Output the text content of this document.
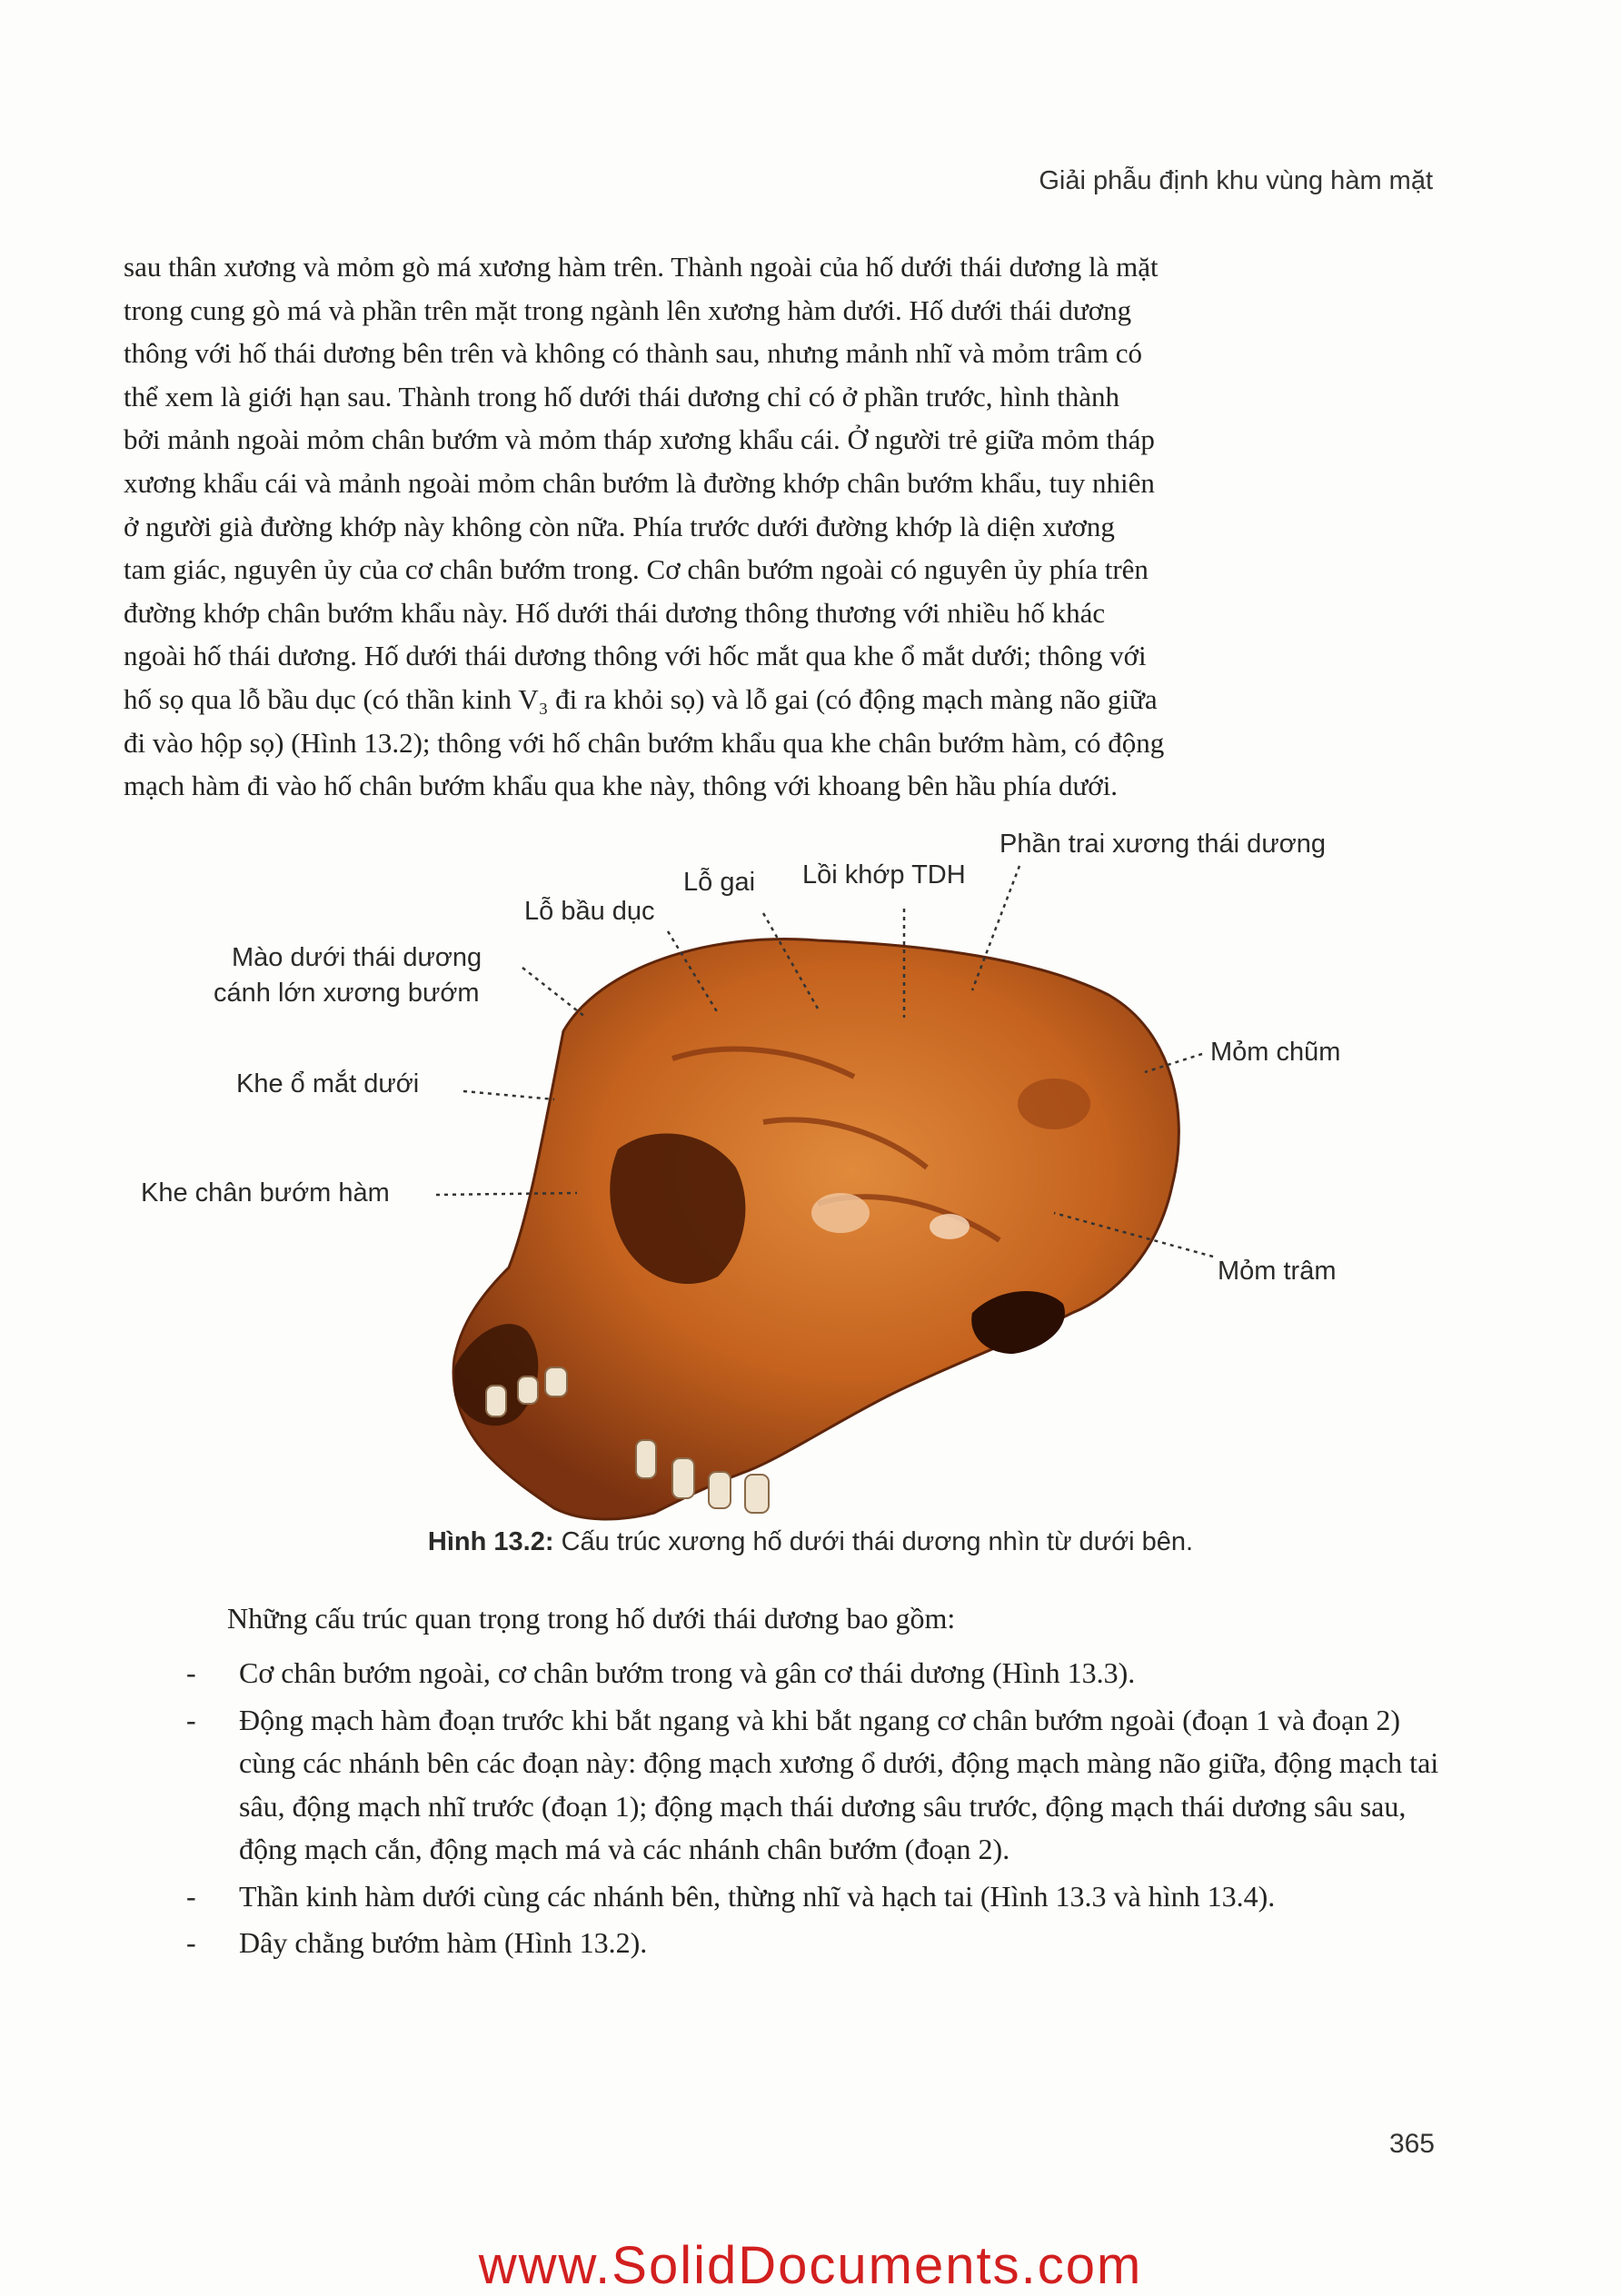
Giải phẫu định khu vùng hàm mặt

sau thân xương và mỏm gò má xương hàm trên. Thành ngoài của hố dưới thái dương là mặt

trong cung gò má và phần trên mặt trong ngành lên xương hàm dưới. Hố dưới thái dương

thông với hố thái dương bên trên và không có thành sau, nhưng mảnh nhĩ và mỏm trâm có

thể xem là giới hạn sau. Thành trong hố dưới thái dương chỉ có ở phần trước, hình thành

bởi mảnh ngoài mỏm chân bướm và mỏm tháp xương khẩu cái. Ở người trẻ giữa mỏm tháp

xương khẩu cái và mảnh ngoài mỏm chân bướm là đường khớp chân bướm khẩu, tuy nhiên

ở người già đường khớp này không còn nữa. Phía trước dưới đường khớp là diện xương

tam giác, nguyên ủy của cơ chân bướm trong. Cơ chân bướm ngoài có nguyên ủy phía trên

đường khớp chân bướm khẩu này. Hố dưới thái dương thông thương với nhiều hố khác

ngoài hố thái dương. Hố dưới thái dương thông với hốc mắt qua khe ổ mắt dưới; thông với

hố sọ qua lỗ bầu dục (có thần kinh V₃ đi ra khỏi sọ) và lỗ gai (có động mạch màng não giữa

đi vào hộp sọ) (Hình 13.2); thông với hố chân bướm khẩu qua khe chân bướm hàm, có động

mạch hàm đi vào hố chân bướm khẩu qua khe này, thông với khoang bên hầu phía dưới.

Phần trai xương thái dương
Lồi khớp TDH
Lỗ gai
Lỗ bầu dục
Mào dưới thái dương
cánh lớn xương bướm
Khe ổ mắt dưới
Khe chân bướm hàm
Mỏm chũm
Mỏm trâm
Hình 13.2: Cấu trúc xương hố dưới thái dương nhìn từ dưới bên.
Những cấu trúc quan trọng trong hố dưới thái dương bao gồm:
- Cơ chân bướm ngoài, cơ chân bướm trong và gân cơ thái dương (Hình 13.3).
- Động mạch hàm đoạn trước khi bắt ngang và khi bắt ngang cơ chân bướm ngoài (đoạn 1 và đoạn 2) cùng các nhánh bên các đoạn này: động mạch xương ổ dưới, động mạch màng não giữa, động mạch tai sâu, động mạch nhĩ trước (đoạn 1); động mạch thái dương sâu trước, động mạch thái dương sâu sau, động mạch cắn, động mạch má và các nhánh chân bướm (đoạn 2).
- Thần kinh hàm dưới cùng các nhánh bên, thừng nhĩ và hạch tai (Hình 13.3 và hình 13.4).
- Dây chằng bướm hàm (Hình 13.2).
365
www.SolidDocuments.com
